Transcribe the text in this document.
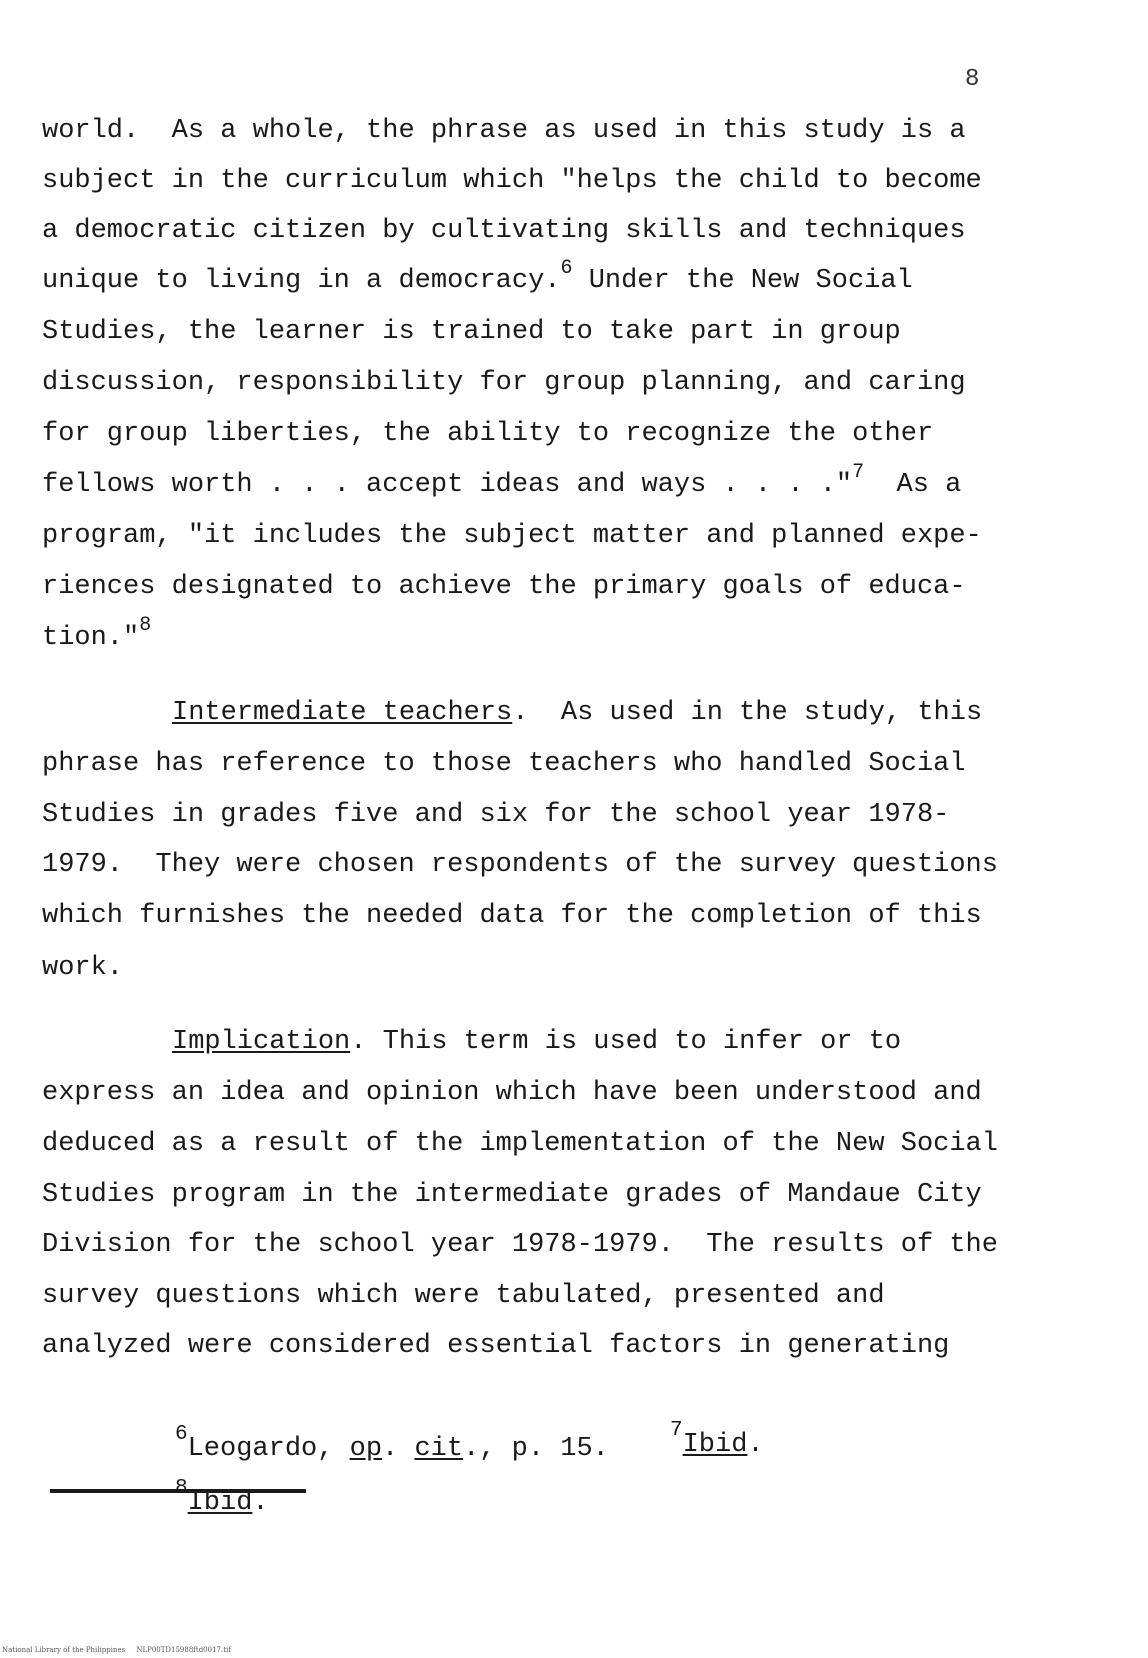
8
world.  As a whole, the phrase as used in this study is a
subject in the curriculum which "helps the child to become
a democratic citizen by cultivating skills and techniques
unique to living in a democracy.$^6$ Under the New Social
Studies, the learner is trained to take part in group
discussion, responsibility for group planning, and caring
for group liberties, the ability to recognize the other
fellows worth . . . accept ideas and ways . . . ."$^7$  As a
program, "it includes the subject matter and planned expe-
riences designated to achieve the primary goals of educa-
tion."$^8$
Intermediate teachers.  As used in the study, this
phrase has reference to those teachers who handled Social
Studies in grades five and six for the school year 1978-
1979.  They were chosen respondents of the survey questions
which furnishes the needed data for the completion of this
work.
Implication. This term is used to infer or to
express an idea and opinion which have been understood and
deduced as a result of the implementation of the New Social
Studies program in the intermediate grades of Mandaue City
Division for the school year 1978-1979.  The results of the
survey questions which were tabulated, presented and
analyzed were considered essential factors in generating
$^6$Leogardo, op. cit., p. 15.
$^7$Ibid.
$^8$Ibid.
National Library of the Philippines     NLP00TD15988ftd0017.tif
